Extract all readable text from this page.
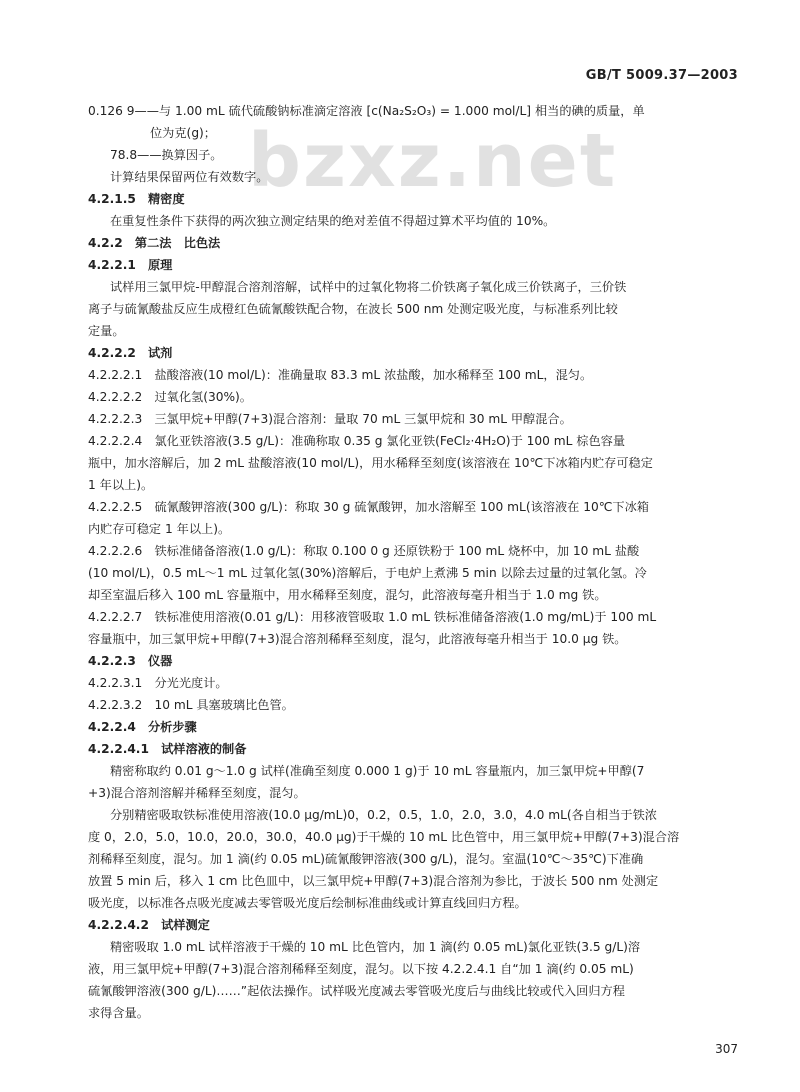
GB/T 5009.37—2003
bzxz.net
0.126 9——与 1.00 mL 硫代硫酸钠标准滴定溶液 [c(Na₂S₂O₃) = 1.000 mol/L] 相当的碘的质量，单
位为克(g)；
78.8——换算因子。
计算结果保留两位有效数字。
4.2.1.5　精密度
在重复性条件下获得的两次独立测定结果的绝对差值不得超过算术平均值的 10%。
4.2.2　第二法　比色法
4.2.2.1　原理
试样用三氯甲烷-甲醇混合溶剂溶解，试样中的过氧化物将二价铁离子氧化成三价铁离子，三价铁
离子与硫氰酸盐反应生成橙红色硫氰酸铁配合物，在波长 500 nm 处测定吸光度，与标准系列比较
定量。
4.2.2.2　试剂
4.2.2.2.1　盐酸溶液(10 mol/L)：准确量取 83.3 mL 浓盐酸，加水稀释至 100 mL，混匀。
4.2.2.2.2　过氧化氢(30%)。
4.2.2.2.3　三氯甲烷+甲醇(7+3)混合溶剂：量取 70 mL 三氯甲烷和 30 mL 甲醇混合。
4.2.2.2.4　氯化亚铁溶液(3.5 g/L)：准确称取 0.35 g 氯化亚铁(FeCl₂·4H₂O)于 100 mL 棕色容量
瓶中，加水溶解后，加 2 mL 盐酸溶液(10 mol/L)，用水稀释至刻度(该溶液在 10℃下冰箱内贮存可稳定
1 年以上)。
4.2.2.2.5　硫氰酸钾溶液(300 g/L)：称取 30 g 硫氰酸钾，加水溶解至 100 mL(该溶液在 10℃下冰箱
内贮存可稳定 1 年以上)。
4.2.2.2.6　铁标准储备溶液(1.0 g/L)：称取 0.100 0 g 还原铁粉于 100 mL 烧杯中，加 10 mL 盐酸
(10 mol/L)，0.5 mL～1 mL 过氧化氢(30%)溶解后，于电炉上煮沸 5 min 以除去过量的过氧化氢。冷
却至室温后移入 100 mL 容量瓶中，用水稀释至刻度，混匀，此溶液每毫升相当于 1.0 mg 铁。
4.2.2.2.7　铁标准使用溶液(0.01 g/L)：用移液管吸取 1.0 mL 铁标准储备溶液(1.0 mg/mL)于 100 mL
容量瓶中，加三氯甲烷+甲醇(7+3)混合溶剂稀释至刻度，混匀，此溶液每毫升相当于 10.0 μg 铁。
4.2.2.3　仪器
4.2.2.3.1　分光光度计。
4.2.2.3.2　10 mL 具塞玻璃比色管。
4.2.2.4　分析步骤
4.2.2.4.1　试样溶液的制备
精密称取约 0.01 g～1.0 g 试样(准确至刻度 0.000 1 g)于 10 mL 容量瓶内，加三氯甲烷+甲醇(7
+3)混合溶剂溶解并稀释至刻度，混匀。
分别精密吸取铁标准使用溶液(10.0 μg/mL)0，0.2，0.5，1.0，2.0，3.0，4.0 mL(各自相当于铁浓
度 0，2.0，5.0，10.0，20.0，30.0，40.0 μg)于干燥的 10 mL 比色管中，用三氯甲烷+甲醇(7+3)混合溶
剂稀释至刻度，混匀。加 1 滴(约 0.05 mL)硫氰酸钾溶液(300 g/L)，混匀。室温(10℃～35℃)下准确
放置 5 min 后，移入 1 cm 比色皿中，以三氯甲烷+甲醇(7+3)混合溶剂为参比，于波长 500 nm 处测定
吸光度，以标准各点吸光度减去零管吸光度后绘制标准曲线或计算直线回归方程。
4.2.2.4.2　试样测定
精密吸取 1.0 mL 试样溶液于干燥的 10 mL 比色管内，加 1 滴(约 0.05 mL)氯化亚铁(3.5 g/L)溶
液，用三氯甲烷+甲醇(7+3)混合溶剂稀释至刻度，混匀。以下按 4.2.2.4.1 自“加 1 滴(约 0.05 mL)
硫氰酸钾溶液(300 g/L)……”起依法操作。试样吸光度减去零管吸光度后与曲线比较或代入回归方程
求得含量。
307
